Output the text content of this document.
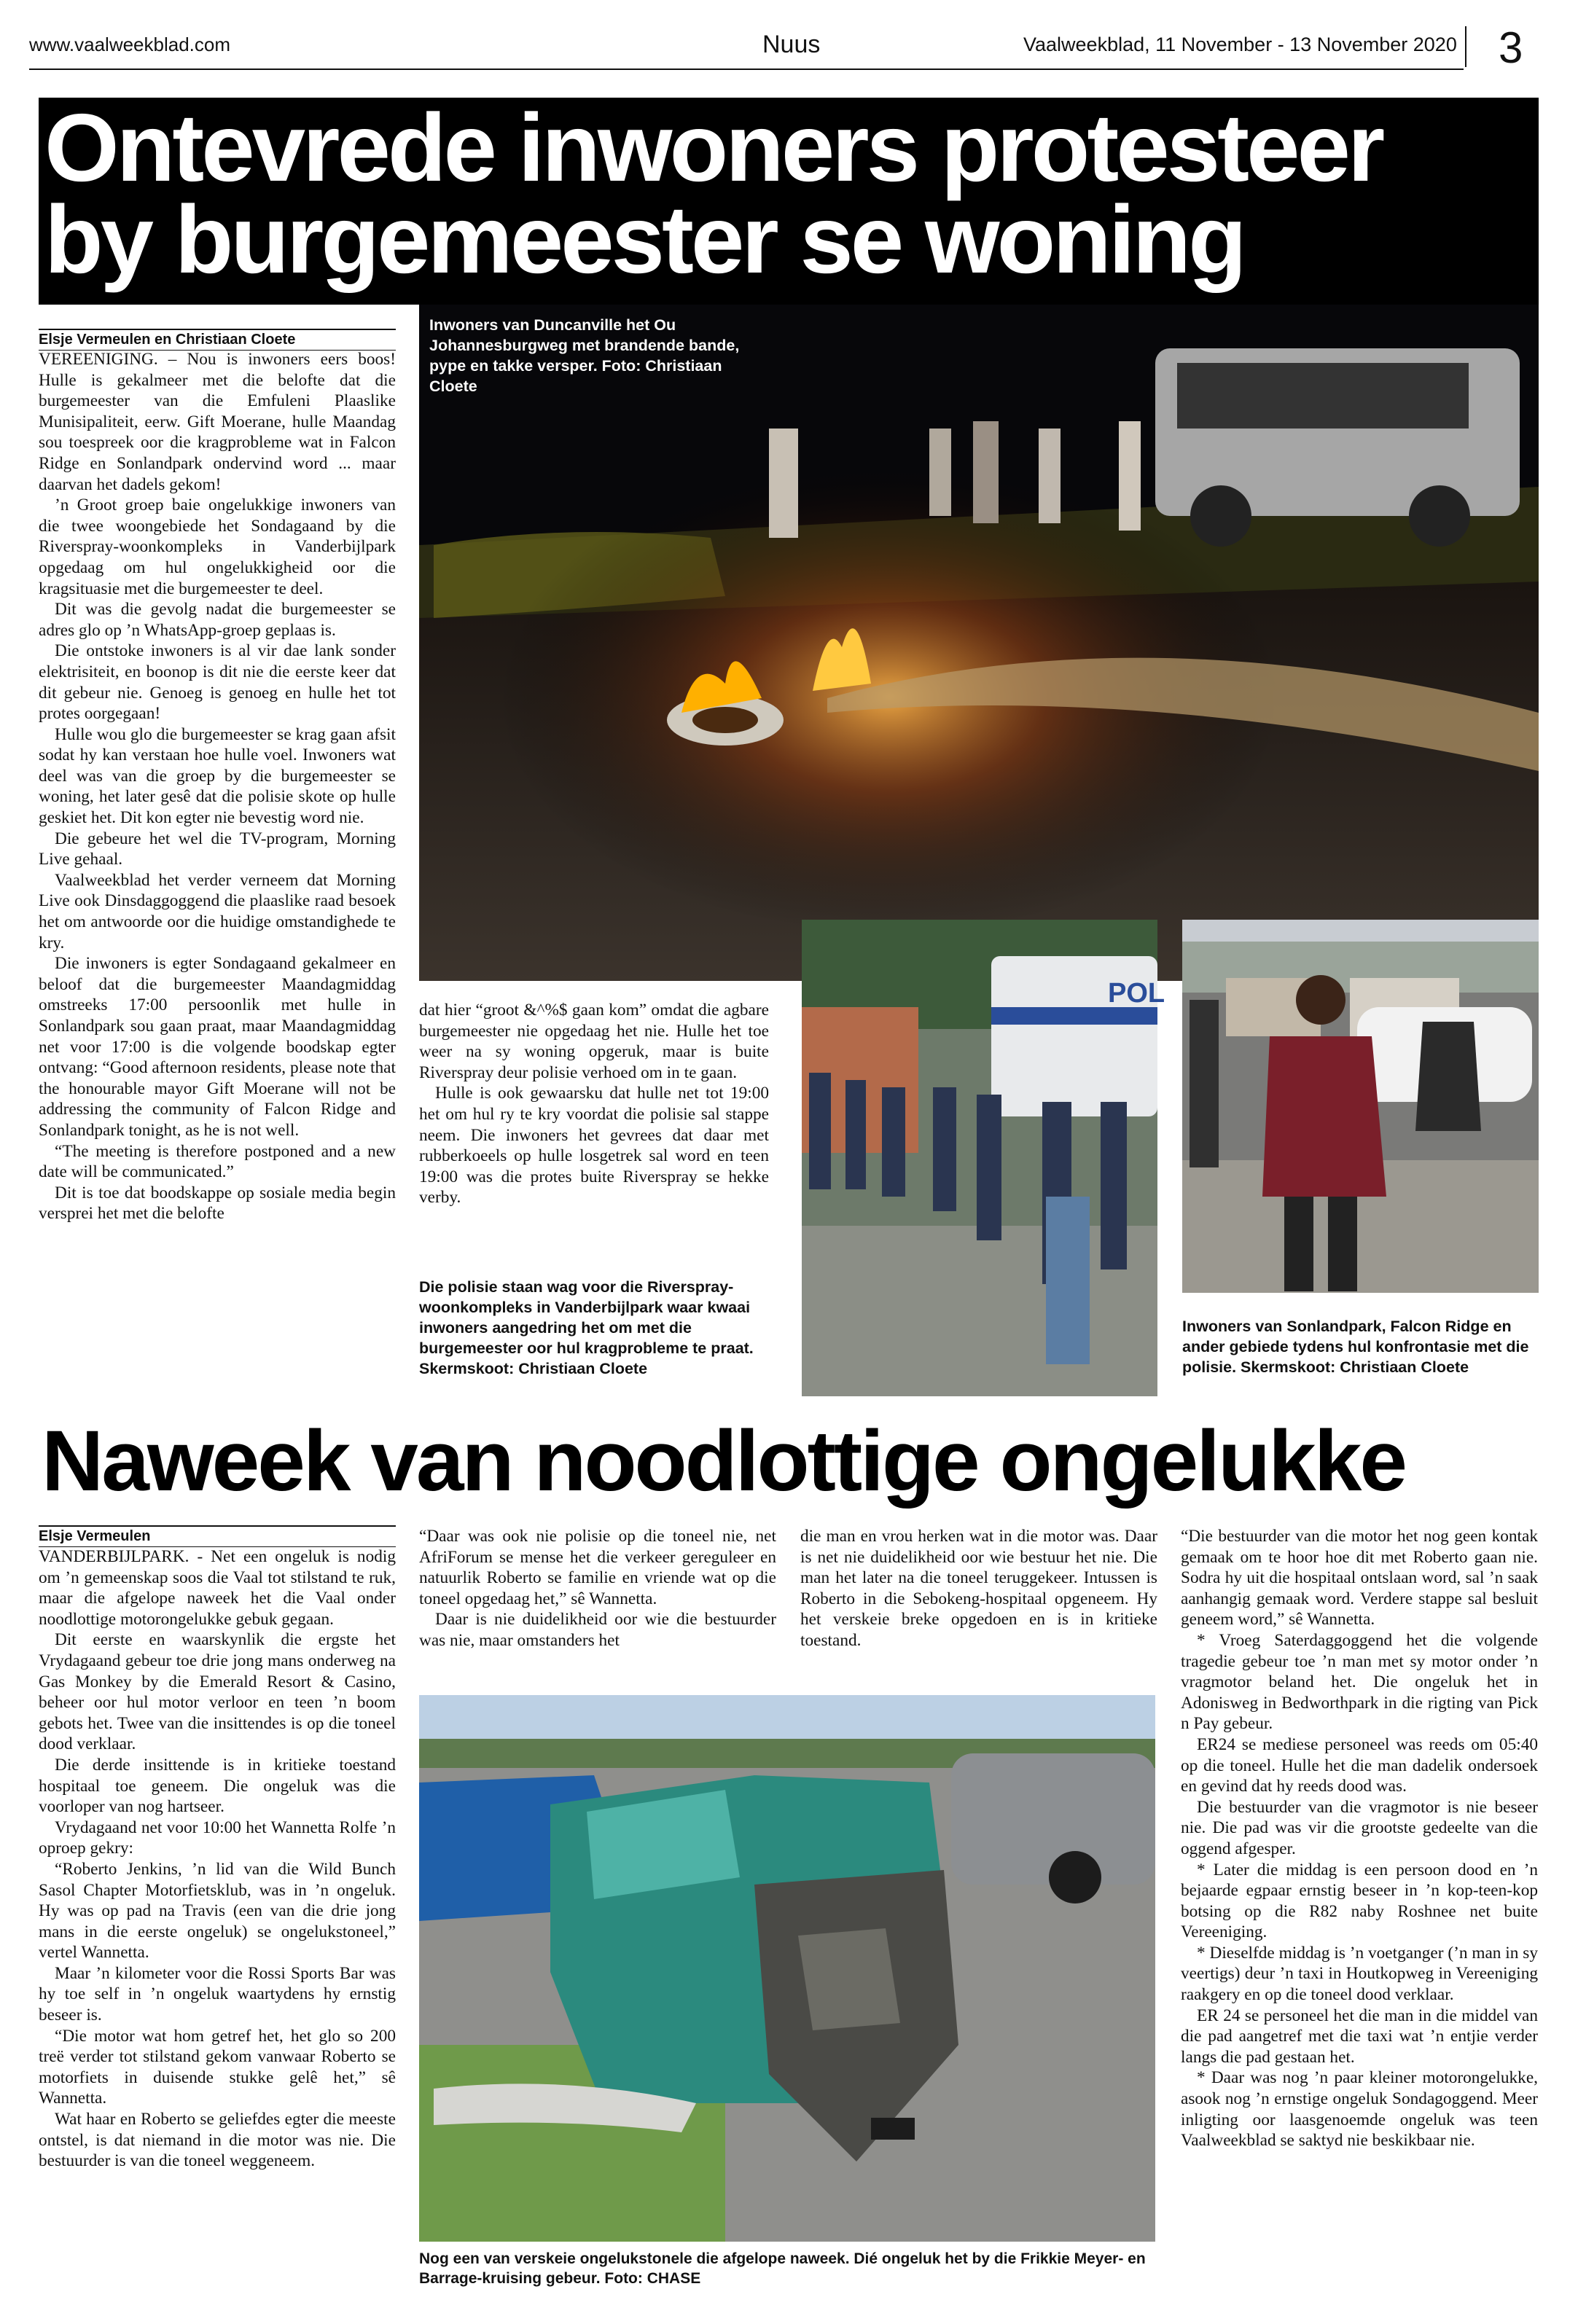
www.vaalweekblad.com	Nuus	Vaalweekblad, 11 November - 13 November 2020 3
Ontevrede inwoners protesteer
by burgemeester se woning
Elsje Vermeulen en Christiaan Cloete

VEREENIGING. – Nou is inwoners eers boos! Hulle is gekalmeer met die belofte dat die burgemeester van die Emfuleni Plaaslike Munisipaliteit, eerw. Gift Moerane, hulle Maandag sou toespreek oor die kragprobleme wat in Falcon Ridge en Sonlandpark ondervind word ... maar daarvan het dadels gekom!

’n Groot groep baie ongelukkige inwoners van die twee woongebiede het Sondagaand by die Riverspray-woonkompleks in Vanderbijlpark opgedaag om hul ongelukkigheid oor die kragsituasie met die burgemeester te deel.

Dit was die gevolg nadat die burgemeester se adres glo op ’n WhatsApp-groep geplaas is.

Die ontstoke inwoners is al vir dae lank sonder elektrisiteit, en boonop is dit nie die eerste keer dat dit gebeur nie. Genoeg is genoeg en hulle het tot protes oorgegaan!

Hulle wou glo die burgemeester se krag gaan afsit sodat hy kan verstaan hoe hulle voel. Inwoners wat deel was van die groep by die burgemeester se woning, het later gesê dat die polisie skote op hulle geskiet het. Dit kon egter nie bevestig word nie.

Die gebeure het wel die TV-program, Morning Live gehaal.

Vaalweekblad het verder verneem dat Morning Live ook Dinsdaggoggend die plaaslike raad besoek het om antwoorde oor die huidige omstandighede te kry.

Die inwoners is egter Sondagaand gekalmeer en beloof dat die burgemeester Maandagmiddag omstreeks 17:00 persoonlik met hulle in Sonlandpark sou gaan praat, maar Maandagmiddag net voor 17:00 is die volgende boodskap egter ontvang: “Good afternoon residents, please note that the honourable mayor Gift Moerane will not be addressing the community of Falcon Ridge and Sonlandpark tonight, as he is not well.

“The meeting is therefore postponed and a new date will be communicated.”

Dit is toe dat boodskappe op sosiale media begin versprei het met die belofte

Inwoners van Duncanville het Ou Johannesburgweg met brandende bande, pype en takke versper. Foto: Christiaan Cloete

dat hier “groot &^%$ gaan kom” omdat die agbare burgemeester nie opgedaag het nie. Hulle het toe weer na sy woning opgeruk, maar is buite Riverspray deur polisie verhoed om in te gaan.

Hulle is ook gewaarsku dat hulle net tot 19:00 het om hul ry te kry voordat die polisie sal stappe neem. Die inwoners het gevrees dat daar met rubberkoeels op hulle losgetrek sal word en teen 19:00 was die protes buite Riverspray se hekke verby.

Die polisie staan wag voor die Riverspray-woonkompleks in Vanderbijlpark waar kwaai inwoners aangedring het om met die burgemeester oor hul kragprobleme te praat. Skermskoot: Christiaan Cloete
POL
Inwoners van Sonlandpark, Falcon Ridge en ander gebiede tydens hul konfrontasie met die polisie. Skermskoot: Christiaan Cloete
Naweek van noodlottige ongelukke
Elsje Vermeulen

VANDERBIJLPARK. - Net een ongeluk is nodig om ’n gemeenskap soos die Vaal tot stilstand te ruk, maar die afgelope naweek het die Vaal onder noodlottige motorongelukke gebuk gegaan.

Dit eerste en waarskynlik die ergste het Vrydagaand gebeur toe drie jong mans onderweg na Gas Monkey by die Emerald Resort & Casino, beheer oor hul motor verloor en teen ’n boom gebots het. Twee van die insittendes is op die toneel dood verklaar.

Die derde insittende is in kritieke toestand hospitaal toe geneem. Die ongeluk was die voorloper van nog hartseer.

Vrydagaand net voor 10:00 het Wannetta Rolfe ’n oproep gekry:

“Roberto Jenkins, ’n lid van die Wild Bunch Sasol Chapter Motorfietsklub, was in ’n ongeluk. Hy was op pad na Travis (een van die drie jong mans in die eerste ongeluk) se ongelukstoneel,” vertel Wannetta.

Maar ’n kilometer voor die Rossi Sports Bar was hy toe self in ’n ongeluk waartydens hy ernstig beseer is.

“Die motor wat hom getref het, het glo so 200 treë verder tot stilstand gekom vanwaar Roberto se motorfiets in duisende stukke gelê het,” sê Wannetta.

Wat haar en Roberto se geliefdes egter die meeste ontstel, is dat niemand in die motor was nie. Die bestuurder is van die toneel weggeneem.

“Daar was ook nie polisie op die toneel nie, net AfriForum se mense het die verkeer gereguleer en natuurlik Roberto se familie en vriende wat op die toneel opgedaag het,” sê Wannetta.

Daar is nie duidelikheid oor wie die bestuurder was nie, maar omstanders het

die man en vrou herken wat in die motor was. Daar is net nie duidelikheid oor wie bestuur het nie. Die man het later na die toneel teruggekeer. Intussen is Roberto in die Sebokeng-hospitaal opgeneem. Hy het verskeie breke opgedoen en is in kritieke toestand.

“Die bestuurder van die motor het nog geen kontak gemaak om te hoor hoe dit met Roberto gaan nie. Sodra hy uit die hospitaal ontslaan word, sal ’n saak aanhangig gemaak word. Verdere stappe sal besluit geneem word,” sê Wannetta.

* Vroeg Saterdaggoggend het die volgende tragedie gebeur toe ’n man met sy motor onder ’n vragmotor beland het. Die ongeluk het in Adonisweg in Bedworthpark in die rigting van Pick n Pay gebeur.

ER24 se mediese personeel was reeds om 05:40 op die toneel. Hulle het die man dadelik ondersoek en gevind dat hy reeds dood was.

Die bestuurder van die vragmotor is nie beseer nie. Die pad was vir die grootste gedeelte van die oggend afgesper.

* Later die middag is een persoon dood en ’n bejaarde egpaar ernstig beseer in ’n kop-teen-kop botsing op die R82 naby Roshnee net buite Vereeniging.

* Dieselfde middag is ’n voetganger (’n man in sy veertigs) deur ’n taxi in Houtkopweg in Vereeniging raakgery en op die toneel dood verklaar.

ER 24 se personeel het die man in die middel van die pad aangetref met die taxi wat ’n entjie verder langs die pad gestaan het.

* Daar was nog ’n paar kleiner motorongelukke, asook nog ’n ernstige ongeluk Sondagoggend. Meer inligting oor laasgenoemde ongeluk was teen Vaalweekblad se saktyd nie beskikbaar nie.

Nog een van verskeie ongelukstonele die afgelope naweek. Dié ongeluk het by die Frikkie Meyer- en Barrage-kruising gebeur. Foto: CHASE
